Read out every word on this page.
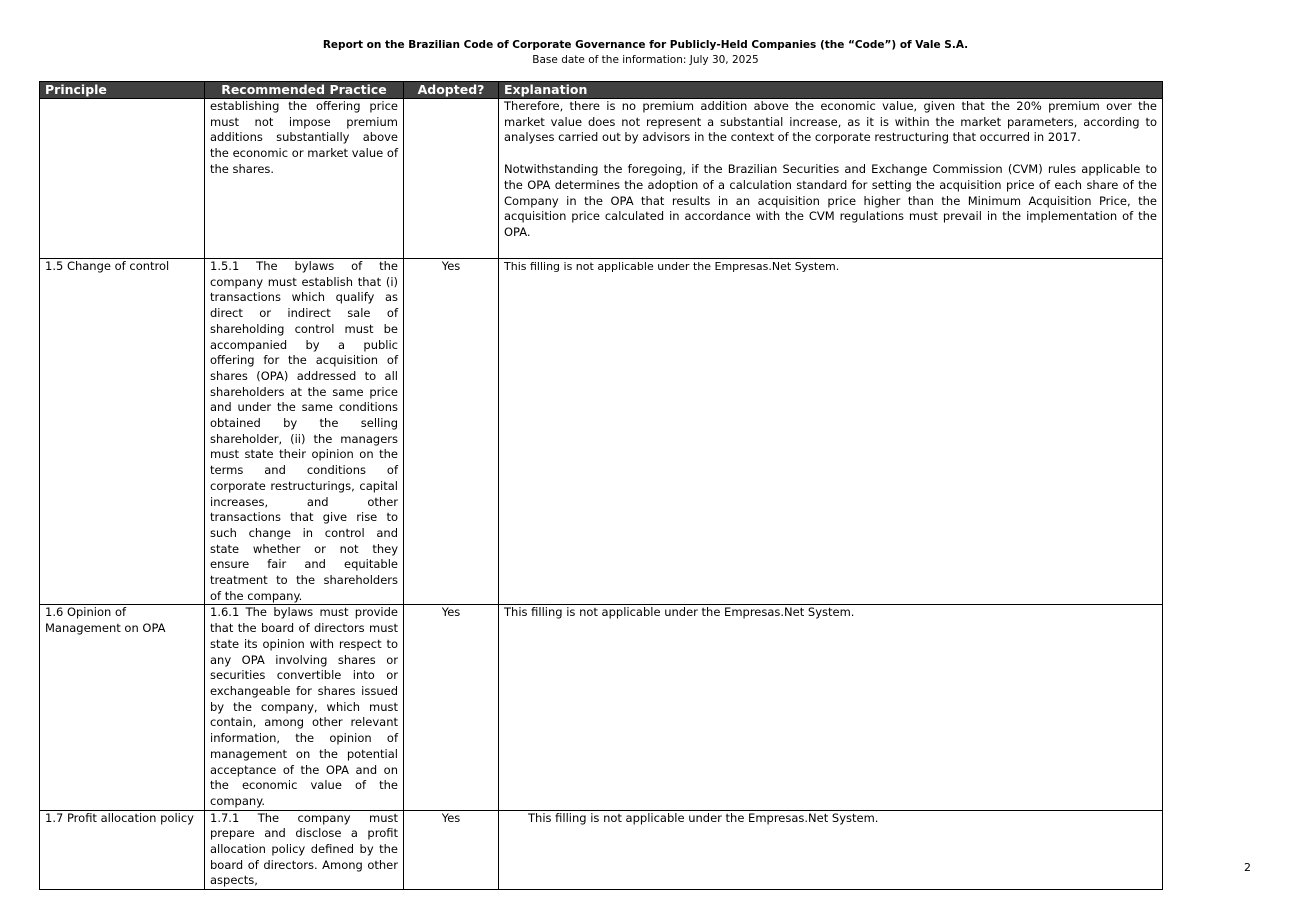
Report on the Brazilian Code of Corporate Governance for Publicly-Held Companies (the “Code”) of Vale S.A.
Base date of the information: July 30, 2025
Principle	Recommended Practice	Adopted?	Explanation
	establishing the offering price must not impose premium additions substantially above the economic or market value of the shares.		Therefore, there is no premium addition above the economic value, given that the 20% premium over the market value does not represent a substantial increase, as it is within the market parameters, according to analyses carried out by advisors in the context of the corporate restructuring that occurred in 2017.

Notwithstanding the foregoing, if the Brazilian Securities and Exchange Commission (CVM) rules applicable to the OPA determines the adoption of a calculation standard for setting the acquisition price of each share of the Company in the OPA that results in an acquisition price higher than the Minimum Acquisition Price, the acquisition price calculated in accordance with the CVM regulations must prevail in the implementation of the OPA.

1.5 Change of control	1.5.1 The bylaws of the company must establish that (i) transactions which qualify as direct or indirect sale of shareholding control must be accompanied by a public offering for the acquisition of shares (OPA) addressed to all shareholders at the same price and under the same conditions obtained by the selling shareholder, (ii) the managers must state their opinion on the terms and conditions of corporate restructurings, capital increases, and other transactions that give rise to such change in control and state whether or not they ensure fair and equitable treatment to the shareholders of the company.	Yes	This filling is not applicable under the Empresas.Net System.
1.6 Opinion of Management on OPA	1.6.1 The bylaws must provide that the board of directors must state its opinion with respect to any OPA involving shares or securities convertible into or exchangeable for shares issued by the company, which must contain, among other relevant information, the opinion of management on the potential acceptance of the OPA and on the economic value of the company.	Yes	This filling is not applicable under the Empresas.Net System.
1.7 Profit allocation policy	1.7.1 The company must prepare and disclose a profit allocation policy defined by the board of directors. Among other aspects,	Yes	This filling is not applicable under the Empresas.Net System.
2
